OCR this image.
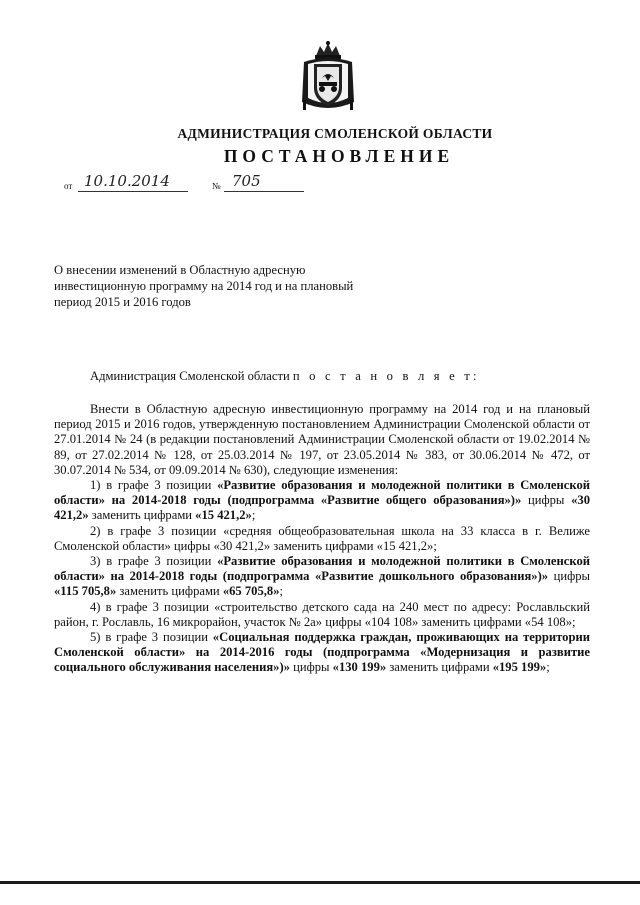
АДМИНИСТРАЦИЯ СМОЛЕНСКОЙ ОБЛАСТИ
ПОСТАНОВЛЕНИЕ
от 10.10.2014	№ 705
О внесении изменений в Областную адресную инвестиционную программу на 2014 год и на плановый период 2015 и 2016 годов
Администрация Смоленской области п о с т а н о в л я е т:

Внести в Областную адресную инвестиционную программу на 2014 год и на плановый период 2015 и 2016 годов, утвержденную постановлением Администрации Смоленской области от 27.01.2014 № 24 (в редакции постановлений Администрации Смоленской области от 19.02.2014 № 89, от 27.02.2014 № 128, от 25.03.2014 № 197, от 23.05.2014 № 383, от 30.06.2014 № 472, от 30.07.2014 № 534, от 09.09.2014 № 630), следующие изменения:

1) в графе 3 позиции «Развитие образования и молодежной политики в Смоленской области» на 2014-2018 годы (подпрограмма «Развитие общего образования»)» цифры «30 421,2» заменить цифрами «15 421,2»;

2) в графе 3 позиции «средняя общеобразовательная школа на 33 класса в г. Велиже Смоленской области» цифры «30 421,2» заменить цифрами «15 421,2»;

3) в графе 3 позиции «Развитие образования и молодежной политики в Смоленской области» на 2014-2018 годы (подпрограмма «Развитие дошкольного образования»)» цифры «115 705,8» заменить цифрами «65 705,8»;

4) в графе 3 позиции «строительство детского сада на 240 мест по адресу: Рославльский район, г. Рославль, 16 микрорайон, участок № 2а» цифры «104 108» заменить цифрами «54 108»;

5) в графе 3 позиции «Социальная поддержка граждан, проживающих на территории Смоленской области» на 2014-2016 годы (подпрограмма «Модернизация и развитие социального обслуживания населения»)» цифры «130 199» заменить цифрами «195 199»;
